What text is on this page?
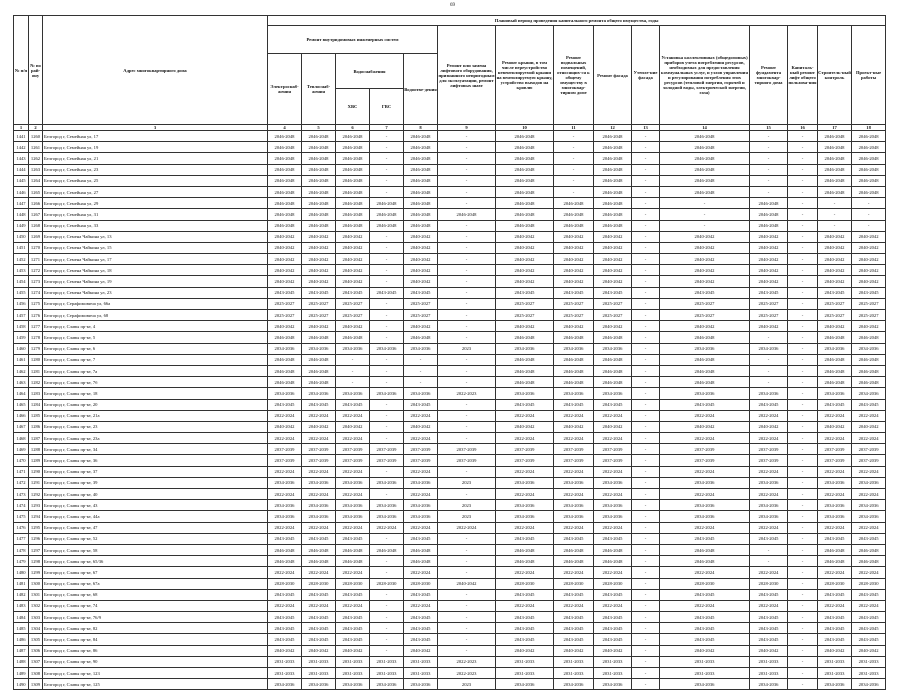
69
№ п/п	№ по рай-ону	Адрес многоквартирного дома	Плановый период проведения капитального ремонта общего имущества, годы														
			Ремонт внутридомовых инженерных систем					Ремонт или замена лифтового оборудования, признанного непригодным для эксплуатации, ремонт лифтовых шахт	Ремонт крыши, в том числе переустройство невентилируемой крыши на вентилируемую крышу, устройство выходов на кровлю	Ремонт подвальных помещений, относящих-ся к общему имуществу в многоквар-тирном доме	Ремонт фасада	Утепле-ние фасада	Установка коллективных (общедомовых) приборов учета потребления ресурсов, необходимых для предоставления коммунальных услуг, и узлов управления и регулирования потребления этих ресурсов (тепловой энергии, горячей и холодной воды, электрической энергии, газа)	Ремонт фундамента многоквар-тирного дома	Капиталь-ный ремонт лифт общего пользова-ния	Строитель-ный контроль	Проект-ные работы
			Электроснаб-жения	Теплоснаб-жения	Водоснабжения
ХВС ГВС		Водоотве-дения										
1	2	3	4	5	6	7	8	9	10	11	12	13	14	15	16	17	18
1441	1260	Белгород г, Семейная ул, 17	2046-2048	2046-2048	2046-2048	-	2046-2048	-	2046-2048	-	2046-2048	-	2046-2048	-	-	2046-2048	2046-2048
1442	1261	Белгород г, Семейная ул, 19	2046-2048	2046-2048	2046-2048	-	2046-2048	-	2046-2048	-	2046-2048	-	2046-2048	-	-	2046-2048	2046-2048
1443	1262	Белгород г, Семейная ул, 21	2046-2048	2046-2048	2046-2048	-	2046-2048	-	2046-2048	-	2046-2048	-	2046-2048	-	-	2046-2048	2046-2048
1444	1263	Белгород г, Семейная ул, 23	2046-2048	2046-2048	2046-2048	-	2046-2048	-	2046-2048	-	2046-2048	-	2046-2048	-	-	2046-2048	2046-2048
1445	1264	Белгород г, Семейная ул, 25	2046-2048	2046-2048	2046-2048	-	2046-2048	-	2046-2048	-	2046-2048	-	2046-2048	-	-	2046-2048	2046-2048
1446	1265	Белгород г, Семейная ул, 27	2046-2048	2046-2048	2046-2048	-	2046-2048	-	2046-2048	-	2046-2048	-	2046-2048	-	-	2046-2048	2046-2048
1447	1266	Белгород г, Семейная ул, 29	2046-2048	2046-2048	2046-2048	2046-2048	2046-2048	-	2046-2048	2046-2048	2046-2048	-	-	2046-2048	-	-	-
1448	1267	Белгород г, Семейная ул, 31	2046-2048	2046-2048	2046-2048	2046-2048	2046-2048	2046-2048	2046-2048	2046-2048	2046-2048	-	-	2046-2048	-	-	-
1449	1268	Белгород г, Семейная ул, 33	2046-2048	2046-2048	2046-2048	2046-2048	2046-2048	-	2046-2048	2046-2048	2046-2048	-	-	2046-2048	-	-	-
1450	1269	Белгород г, Семена Чайкина ул, 13	2040-2042	2040-2042	2040-2042	-	2040-2042	-	2040-2042	2040-2042	2040-2042	-	2040-2042	2040-2042	-	2040-2042	2040-2042
1451	1270	Белгород г, Семена Чайкина ул, 15	2040-2042	2040-2042	2040-2042	-	2040-2042	-	2040-2042	2040-2042	2040-2042	-	2040-2042	2040-2042	-	2040-2042	2040-2042
1452	1271	Белгород г, Семена Чайкина ул, 17	2040-2042	2040-2042	2040-2042	-	2040-2042	-	2040-2042	2040-2042	2040-2042	-	2040-2042	2040-2042	-	2040-2042	2040-2042
1453	1272	Белгород г, Семена Чайкина ул, 18	2040-2042	2040-2042	2040-2042	-	2040-2042	-	2040-2042	2040-2042	2040-2042	-	2040-2042	2040-2042	-	2040-2042	2040-2042
1454	1273	Белгород г, Семена Чайкина ул, 19	2040-2042	2040-2042	2040-2042	-	2040-2042	-	2040-2042	2040-2042	2040-2042	-	2040-2042	2040-2042	-	2040-2042	2040-2042
1455	1274	Белгород г, Семена Чайкина ул, 23	2043-2045	2043-2045	2043-2045	2043-2045	2043-2045	-	2043-2045	2043-2045	2043-2045	-	2043-2045	2043-2045	-	2043-2045	2043-2045
1456	1275	Белгород г, Серафимовича ул, 66а	2025-2027	2025-2027	2025-2027	-	2025-2027	-	2025-2027	2025-2027	2025-2027	-	2025-2027	2025-2027	-	2025-2027	2025-2027
1457	1276	Белгород г, Серафимовича ул, 68	2025-2027	2025-2027	2025-2027	-	2025-2027	-	2025-2027	2025-2027	2025-2027	-	2025-2027	2025-2027	-	2025-2027	2025-2027
1458	1277	Белгород г, Славы пр-кт, 4	2040-2042	2040-2042	2040-2042	-	2040-2042	-	2040-2042	2040-2042	2040-2042	-	2040-2042	2040-2042	-	2040-2042	2040-2042
1459	1278	Белгород г, Славы пр-кт, 5	2046-2048	2046-2048	2046-2048	-	2046-2048	-	2046-2048	2046-2048	2046-2048	-	2046-2048	-	-	2046-2048	2046-2048
1460	1279	Белгород г, Славы пр-кт, 6	2034-2036	2034-2036	2034-2036	2034-2036	2034-2036	2023	2034-2036	2034-2036	2034-2036	-	2034-2036	2034-2036	-	2034-2036	2034-2036
1461	1280	Белгород г, Славы пр-кт, 7	2046-2048	2046-2048	-	-	-	-	2046-2048	2046-2048	2046-2048	-	2046-2048	-	-	2046-2048	2046-2048
1462	1281	Белгород г, Славы пр-кт, 7а	2046-2048	2046-2048	-	-	-	-	2046-2048	2046-2048	2046-2048	-	2046-2048	-	-	2046-2048	2046-2048
1463	1282	Белгород г, Славы пр-кт, 7б	2046-2048	2046-2048	-	-	-	-	2046-2048	2046-2048	2046-2048	-	2046-2048	-	-	2046-2048	2046-2048
1464	1283	Белгород г, Славы пр-кт, 18	2034-2036	2034-2036	2034-2036	2034-2036	2034-2036	2022-2023	2034-2036	2034-2036	2034-2036	-	2034-2036	2034-2036	-	2034-2036	2034-2036
1465	1284	Белгород г, Славы пр-кт, 20	2043-2045	2043-2045	2043-2045	-	2043-2045	-	2043-2045	2043-2045	2043-2045	-	2043-2045	2043-2045	-	2043-2045	2043-2045
1466	1285	Белгород г, Славы пр-кт, 21а	2022-2024	2022-2024	2022-2024	-	2022-2024	-	2022-2024	2022-2024	2022-2024	-	2022-2024	2022-2024	-	2022-2024	2022-2024
1467	1286	Белгород г, Славы пр-кт, 23	2040-2042	2040-2042	2040-2042	-	2040-2042	-	2040-2042	2040-2042	2040-2042	-	2040-2042	2040-2042	-	2040-2042	2040-2042
1468	1287	Белгород г, Славы пр-кт, 23а	2022-2024	2022-2024	2022-2024	-	2022-2024	-	2022-2024	2022-2024	2022-2024	-	2022-2024	2022-2024	-	2022-2024	2022-2024
1469	1288	Белгород г, Славы пр-кт, 34	2037-2039	2037-2039	2037-2039	2037-2039	2037-2039	2037-2039	2037-2039	2037-2039	2037-2039	-	2037-2039	2037-2039	-	2037-2039	2037-2039
1470	1289	Белгород г, Славы пр-кт, 36	2037-2039	2037-2039	2037-2039	2037-2039	2037-2039	2037-2039	2037-2039	2037-2039	2037-2039	-	2037-2039	2037-2039	-	2037-2039	2037-2039
1471	1290	Белгород г, Славы пр-кт, 37	2022-2024	2022-2024	2022-2024	-	2022-2024	-	2022-2024	2022-2024	2022-2024	-	2022-2024	2022-2024	-	2022-2024	2022-2024
1472	1291	Белгород г, Славы пр-кт, 39	2034-2036	2034-2036	2034-2036	2034-2036	2034-2036	2023	2034-2036	2034-2036	2034-2036	-	2034-2036	2034-2036	-	2034-2036	2034-2036
1473	1292	Белгород г, Славы пр-кт, 40	2022-2024	2022-2024	2022-2024	-	2022-2024	-	2022-2024	2022-2024	2022-2024	-	2022-2024	2022-2024	-	2022-2024	2022-2024
1474	1293	Белгород г, Славы пр-кт, 43	2034-2036	2034-2036	2034-2036	2034-2036	2034-2036	2023	2034-2036	2034-2036	2034-2036	-	2034-2036	2034-2036	-	2034-2036	2034-2036
1475	1294	Белгород г, Славы пр-кт, 44а	2034-2036	2034-2036	2034-2036	2034-2036	2034-2036	2023	2034-2036	2034-2036	2034-2036	-	2034-2036	2034-2036	-	2034-2036	2034-2036
1476	1295	Белгород г, Славы пр-кт, 47	2022-2024	2022-2024	2022-2024	2022-2024	2022-2024	2022-2024	2022-2024	2022-2024	2022-2024	-	2022-2024	2022-2024	-	2022-2024	2022-2024
1477	1296	Белгород г, Славы пр-кт, 52	2043-2045	2043-2045	2043-2045	-	2043-2045	-	2043-2045	2043-2045	2043-2045	-	2043-2045	2043-2045	-	2043-2045	2043-2045
1478	1297	Белгород г, Славы пр-кт, 58	2046-2048	2046-2048	2046-2048	2046-2048	2046-2048	-	2046-2048	2046-2048	2046-2048	-	2046-2048	-	-	2046-2048	2046-2048
1479	1298	Белгород г, Славы пр-кт, 65/36	2046-2048	2046-2048	2046-2048	-	2046-2048	-	2046-2048	2046-2048	2046-2048	-	2046-2048	-	-	2046-2048	2046-2048
1480	1299	Белгород г, Славы пр-кт, 67	2022-2024	2022-2024	2022-2024	-	2022-2024	-	2022-2024	2022-2024	2022-2024	-	2022-2024	2022-2024	-	2022-2024	2022-2024
1481	1300	Белгород г, Славы пр-кт, 67а	2028-2030	2028-2030	2028-2030	2028-2030	2028-2030	2040-2042	2028-2030	2028-2030	2028-2030	-	2028-2030	2028-2030	-	2028-2030	2028-2030
1482	1301	Белгород г, Славы пр-кт, 68	2043-2045	2043-2045	2043-2045	-	2043-2045	-	2043-2045	2043-2045	2043-2045	-	2043-2045	2043-2045	-	2043-2045	2043-2045
1483	1302	Белгород г, Славы пр-кт, 74	2022-2024	2022-2024	2022-2024	-	2022-2024	-	2022-2024	2022-2024	2022-2024	-	2022-2024	2022-2024	-	2022-2024	2022-2024
1484	1303	Белгород г, Славы пр-кт, 76/9	2043-2045	2043-2045	2043-2045	-	2043-2045	-	2043-2045	2043-2045	2043-2045	-	2043-2045	2043-2045	-	2043-2045	2043-2045
1485	1304	Белгород г, Славы пр-кт, 82	2043-2045	2043-2045	2043-2045	-	2043-2045	-	2043-2045	2043-2045	2043-2045	-	2043-2045	2043-2045	-	2043-2045	2043-2045
1486	1305	Белгород г, Славы пр-кт, 84	2043-2045	2043-2045	2043-2045	-	2043-2045	-	2043-2045	2043-2045	2043-2045	-	2043-2045	2043-2045	-	2043-2045	2043-2045
1487	1306	Белгород г, Славы пр-кт, 86	2040-2042	2040-2042	2040-2042	-	2040-2042	-	2040-2042	2040-2042	2040-2042	-	2040-2042	2040-2042	-	2040-2042	2040-2042
1488	1307	Белгород г, Славы пр-кт, 90	2031-2033	2031-2033	2031-2033	2031-2033	2031-2033	2022-2023	2031-2033	2031-2033	2031-2033	-	2031-2033	2031-2033	-	2031-2033	2031-2033
1489	1308	Белгород г, Славы пр-кт, 123	2031-2033	2031-2033	2031-2033	2031-2033	2031-2033	2022-2023	2031-2033	2031-2033	2031-2033	-	2031-2033	2031-2033	-	2031-2033	2031-2033
1490	1309	Белгород г, Славы пр-кт, 125	2034-2036	2034-2036	2034-2036	2034-2036	2034-2036	2023	2034-2036	2034-2036	2034-2036	-	2034-2036	2034-2036	-	2034-2036	2034-2036
